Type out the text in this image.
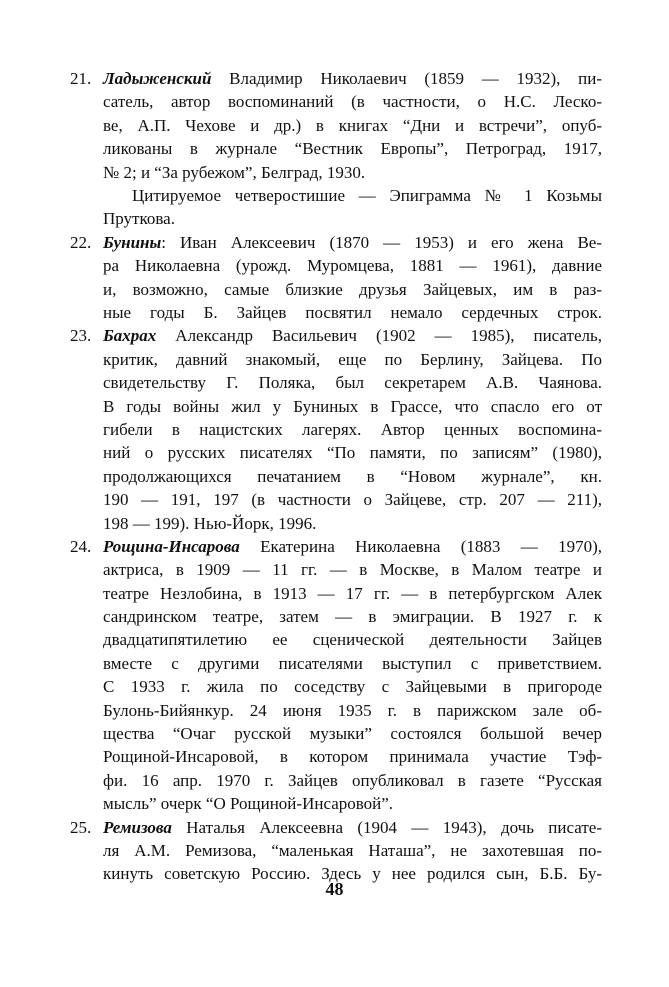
21. Ладыженский Владимир Николаевич (1859 — 1932), пи-
сатель, автор воспоминаний (в частности, о Н.С. Леско-
ве, А.П. Чехове и др.) в книгах “Дни и встречи”, опуб-
ликованы в журнале “Вестник Европы”, Петроград, 1917,
№ 2; и “За рубежом”, Белград, 1930.
Цитируемое четверостишие — Эпиграмма № 1 Козьмы
Пруткова.
22. Бунины: Иван Алексеевич (1870 — 1953) и его жена Ве-
ра Николаевна (урожд. Муромцева, 1881 — 1961), давние
и, возможно, самые близкие друзья Зайцевых, им в раз-
ные годы Б. Зайцев посвятил немало сердечных строк.
23. Бахрах Александр Васильевич (1902 — 1985), писатель,
критик, давний знакомый, еще по Берлину, Зайцева. По
свидетельству Г. Поляка, был секретарем А.В. Чаянова.
В годы войны жил у Буниных в Грассе, что спасло его от
гибели в нацистских лагерях. Автор ценных воспомина-
ний о русских писателях “По памяти, по записям” (1980),
продолжающихся печатанием в “Новом журнале”, кн.
190 — 191, 197 (в частности о Зайцеве, стр. 207 — 211),
198 — 199). Нью-Йорк, 1996.
24. Рощина-Инсарова Екатерина Николаевна (1883 — 1970),
актриса, в 1909 — 11 гг. — в Москве, в Малом театре и
театре Незлобина, в 1913 — 17 гг. — в петербургском Алек
сандринском театре, затем — в эмиграции. В 1927 г. к
двадцатипятилетию ее сценической деятельности Зайцев
вместе с другими писателями выступил с приветствием.
С 1933 г. жила по соседству с Зайцевыми в пригороде
Булонь-Бийянкур. 24 июня 1935 г. в парижском зале об-
щества “Очаг русской музыки” состоялся большой вечер
Рощиной-Инсаровой, в котором принимала участие Тэф-
фи. 16 апр. 1970 г. Зайцев опубликовал в газете “Русская
мысль” очерк “О Рощиной-Инсаровой”.
25. Ремизова Наталья Алексеевна (1904 — 1943), дочь писате-
ля А.М. Ремизова, “маленькая Наташа”, не захотевшая по-
кинуть советскую Россию. Здесь у нее родился сын, Б.Б. Бу-
48
